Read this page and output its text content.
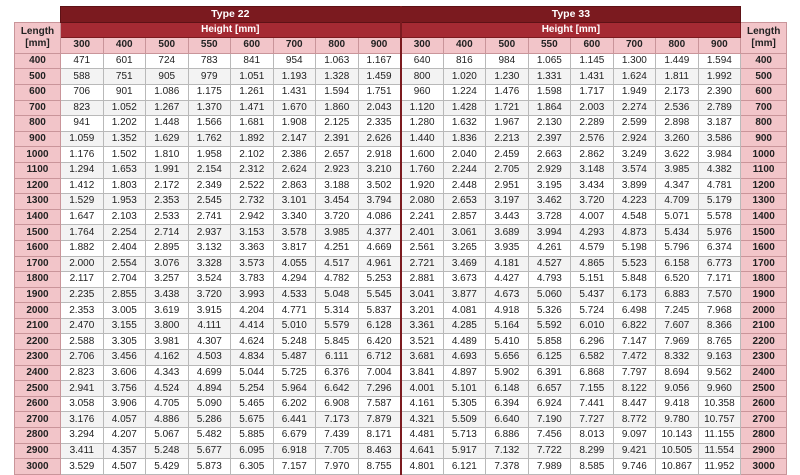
	Type 22								Type 33								
Length
[mm]	Height [mm]								Height [mm]								Length
[mm]
	300	400	500	550	600	700	800	900	300	400	500	550	600	700	800	900	
400	471	601	724	783	841	954	1.063	1.167	640	816	984	1.065	1.145	1.300	1.449	1.594	400
500	588	751	905	979	1.051	1.193	1.328	1.459	800	1.020	1.230	1.331	1.431	1.624	1.811	1.992	500
600	706	901	1.086	1.175	1.261	1.431	1.594	1.751	960	1.224	1.476	1.598	1.717	1.949	2.173	2.390	600
700	823	1.052	1.267	1.370	1.471	1.670	1.860	2.043	1.120	1.428	1.721	1.864	2.003	2.274	2.536	2.789	700
800	941	1.202	1.448	1.566	1.681	1.908	2.125	2.335	1.280	1.632	1.967	2.130	2.289	2.599	2.898	3.187	800
900	1.059	1.352	1.629	1.762	1.892	2.147	2.391	2.626	1.440	1.836	2.213	2.397	2.576	2.924	3.260	3.586	900
1000	1.176	1.502	1.810	1.958	2.102	2.386	2.657	2.918	1.600	2.040	2.459	2.663	2.862	3.249	3.622	3.984	1000
1100	1.294	1.653	1.991	2.154	2.312	2.624	2.923	3.210	1.760	2.244	2.705	2.929	3.148	3.574	3.985	4.382	1100
1200	1.412	1.803	2.172	2.349	2.522	2.863	3.188	3.502	1.920	2.448	2.951	3.195	3.434	3.899	4.347	4.781	1200
1300	1.529	1.953	2.353	2.545	2.732	3.101	3.454	3.794	2.080	2.653	3.197	3.462	3.720	4.223	4.709	5.179	1300
1400	1.647	2.103	2.533	2.741	2.942	3.340	3.720	4.086	2.241	2.857	3.443	3.728	4.007	4.548	5.071	5.578	1400
1500	1.764	2.254	2.714	2.937	3.153	3.578	3.985	4.377	2.401	3.061	3.689	3.994	4.293	4.873	5.434	5.976	1500
1600	1.882	2.404	2.895	3.132	3.363	3.817	4.251	4.669	2.561	3.265	3.935	4.261	4.579	5.198	5.796	6.374	1600
1700	2.000	2.554	3.076	3.328	3.573	4.055	4.517	4.961	2.721	3.469	4.181	4.527	4.865	5.523	6.158	6.773	1700
1800	2.117	2.704	3.257	3.524	3.783	4.294	4.782	5.253	2.881	3.673	4.427	4.793	5.151	5.848	6.520	7.171	1800
1900	2.235	2.855	3.438	3.720	3.993	4.533	5.048	5.545	3.041	3.877	4.673	5.060	5.437	6.173	6.883	7.570	1900
2000	2.353	3.005	3.619	3.915	4.204	4.771	5.314	5.837	3.201	4.081	4.918	5.326	5.724	6.498	7.245	7.968	2000
2100	2.470	3.155	3.800	4.111	4.414	5.010	5.579	6.128	3.361	4.285	5.164	5.592	6.010	6.822	7.607	8.366	2100
2200	2.588	3.305	3.981	4.307	4.624	5.248	5.845	6.420	3.521	4.489	5.410	5.858	6.296	7.147	7.969	8.765	2200
2300	2.706	3.456	4.162	4.503	4.834	5.487	6.111	6.712	3.681	4.693	5.656	6.125	6.582	7.472	8.332	9.163	2300
2400	2.823	3.606	4.343	4.699	5.044	5.725	6.376	7.004	3.841	4.897	5.902	6.391	6.868	7.797	8.694	9.562	2400
2500	2.941	3.756	4.524	4.894	5.254	5.964	6.642	7.296	4.001	5.101	6.148	6.657	7.155	8.122	9.056	9.960	2500
2600	3.058	3.906	4.705	5.090	5.465	6.202	6.908	7.587	4.161	5.305	6.394	6.924	7.441	8.447	9.418	10.358	2600
2700	3.176	4.057	4.886	5.286	5.675	6.441	7.173	7.879	4.321	5.509	6.640	7.190	7.727	8.772	9.780	10.757	2700
2800	3.294	4.207	5.067	5.482	5.885	6.679	7.439	8.171	4.481	5.713	6.886	7.456	8.013	9.097	10.143	11.155	2800
2900	3.411	4.357	5.248	5.677	6.095	6.918	7.705	8.463	4.641	5.917	7.132	7.722	8.299	9.421	10.505	11.554	2900
3000	3.529	4.507	5.429	5.873	6.305	7.157	7.970	8.755	4.801	6.121	7.378	7.989	8.585	9.746	10.867	11.952	3000
